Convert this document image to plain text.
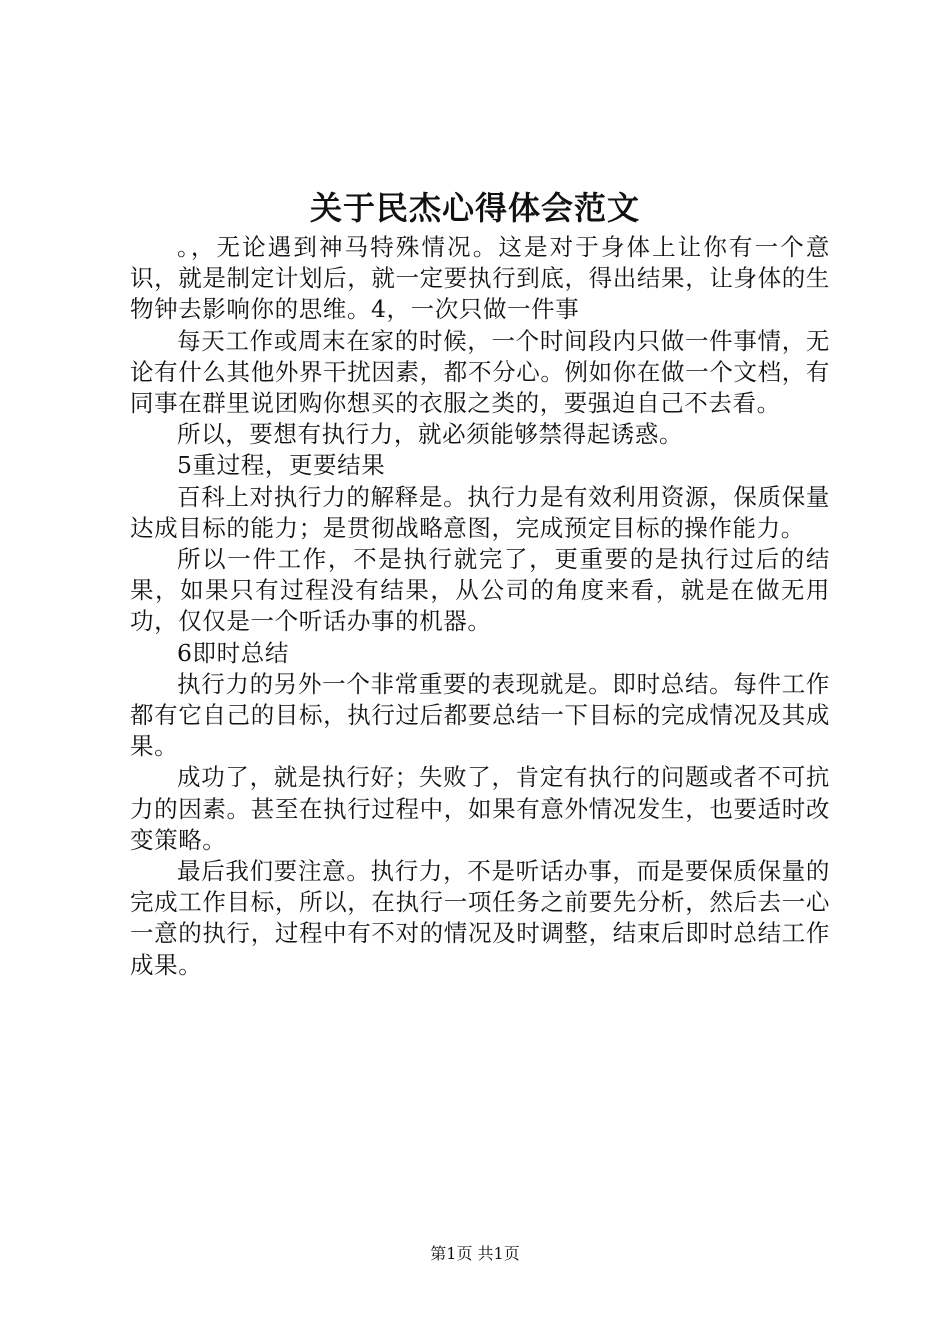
关于民杰心得体会范文

。，无论遇到神马特殊情况。这是对于身体上让你有一个意识，就是制定计划后，就一定要执行到底，得出结果，让身体的生物钟去影响你的思维。4，一次只做一件事

每天工作或周末在家的时候，一个时间段内只做一件事情，无论有什么其他外界干扰因素，都不分心。例如你在做一个文档，有同事在群里说团购你想买的衣服之类的，要强迫自己不去看。

所以，要想有执行力，就必须能够禁得起诱惑。

5重过程，更要结果

百科上对执行力的解释是。执行力是有效利用资源，保质保量达成目标的能力；是贯彻战略意图，完成预定目标的操作能力。

所以一件工作，不是执行就完了，更重要的是执行过后的结果，如果只有过程没有结果，从公司的角度来看，就是在做无用功，仅仅是一个听话办事的机器。

6即时总结

执行力的另外一个非常重要的表现就是。即时总结。每件工作都有它自己的目标，执行过后都要总结一下目标的完成情况及其成果。

成功了，就是执行好；失败了，肯定有执行的问题或者不可抗力的因素。甚至在执行过程中，如果有意外情况发生，也要适时改变策略。

最后我们要注意。执行力，不是听话办事，而是要保质保量的完成工作目标，所以，在执行一项任务之前要先分析，然后去一心一意的执行，过程中有不对的情况及时调整，结束后即时总结工作成果。

第1页 共1页
